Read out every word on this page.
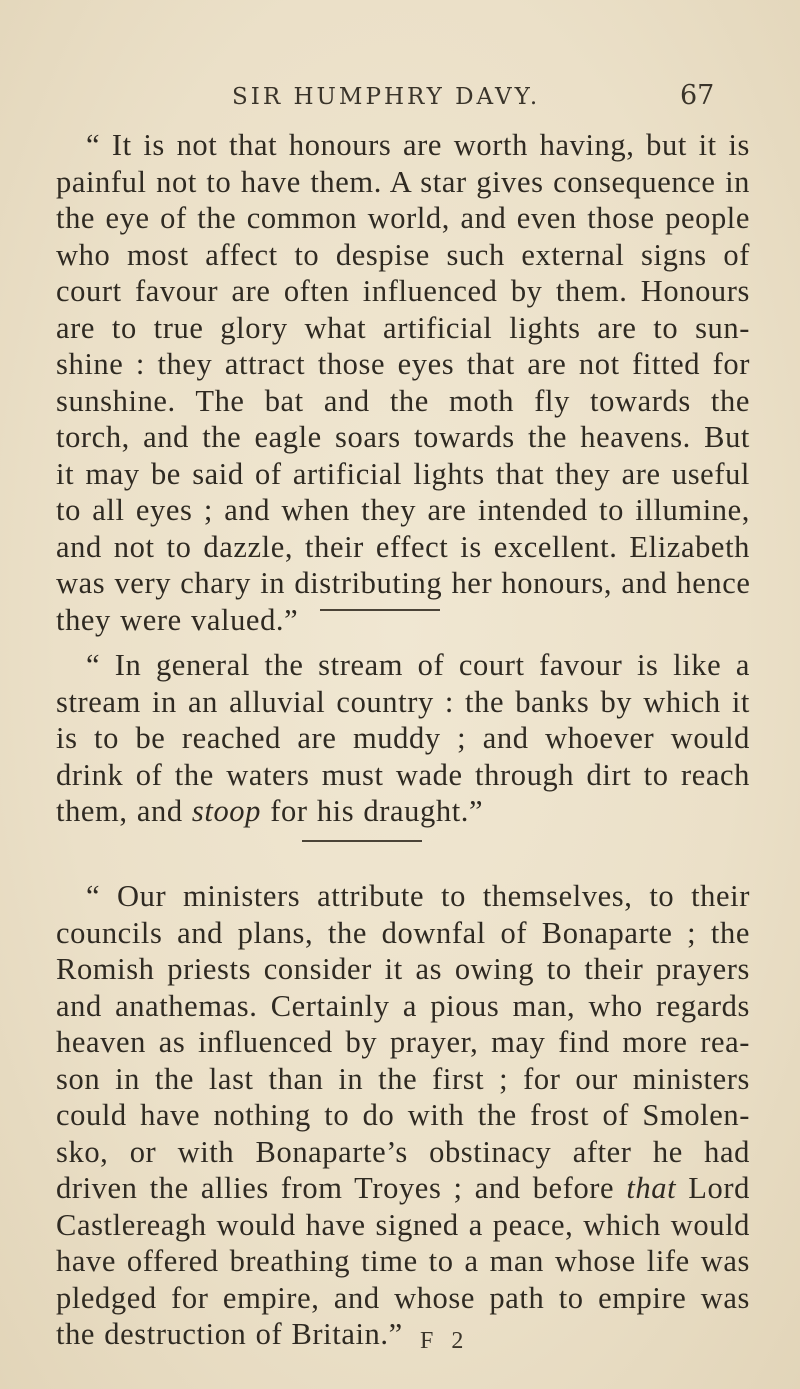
SIR HUMPHRY DAVY.	67
“ It is not that honours are worth having, but it is
painful not to have them. A star gives consequence in
the eye of the common world, and even those people
who most affect to despise such external signs of
court favour are often influenced by them. Honours
are to true glory what artificial lights are to sun-
shine : they attract those eyes that are not fitted for
sunshine. The bat and the moth fly towards the
torch, and the eagle soars towards the heavens. But
it may be said of artificial lights that they are useful
to all eyes ; and when they are intended to illumine,
and not to dazzle, their effect is excellent. Elizabeth
was very chary in distributing her honours, and hence
they were valued.”
“ In general the stream of court favour is like a
stream in an alluvial country : the banks by which it
is to be reached are muddy ; and whoever would
drink of the waters must wade through dirt to reach
them, and stoop for his draught.”
“ Our ministers attribute to themselves, to their
councils and plans, the downfal of Bonaparte ; the
Romish priests consider it as owing to their prayers
and anathemas. Certainly a pious man, who regards
heaven as influenced by prayer, may find more rea-
son in the last than in the first ; for our ministers
could have nothing to do with the frost of Smolen-
sko, or with Bonaparte’s obstinacy after he had
driven the allies from Troyes ; and before that Lord
Castlereagh would have signed a peace, which would
have offered breathing time to a man whose life was
pledged for empire, and whose path to empire was
the destruction of Britain.” F 2
